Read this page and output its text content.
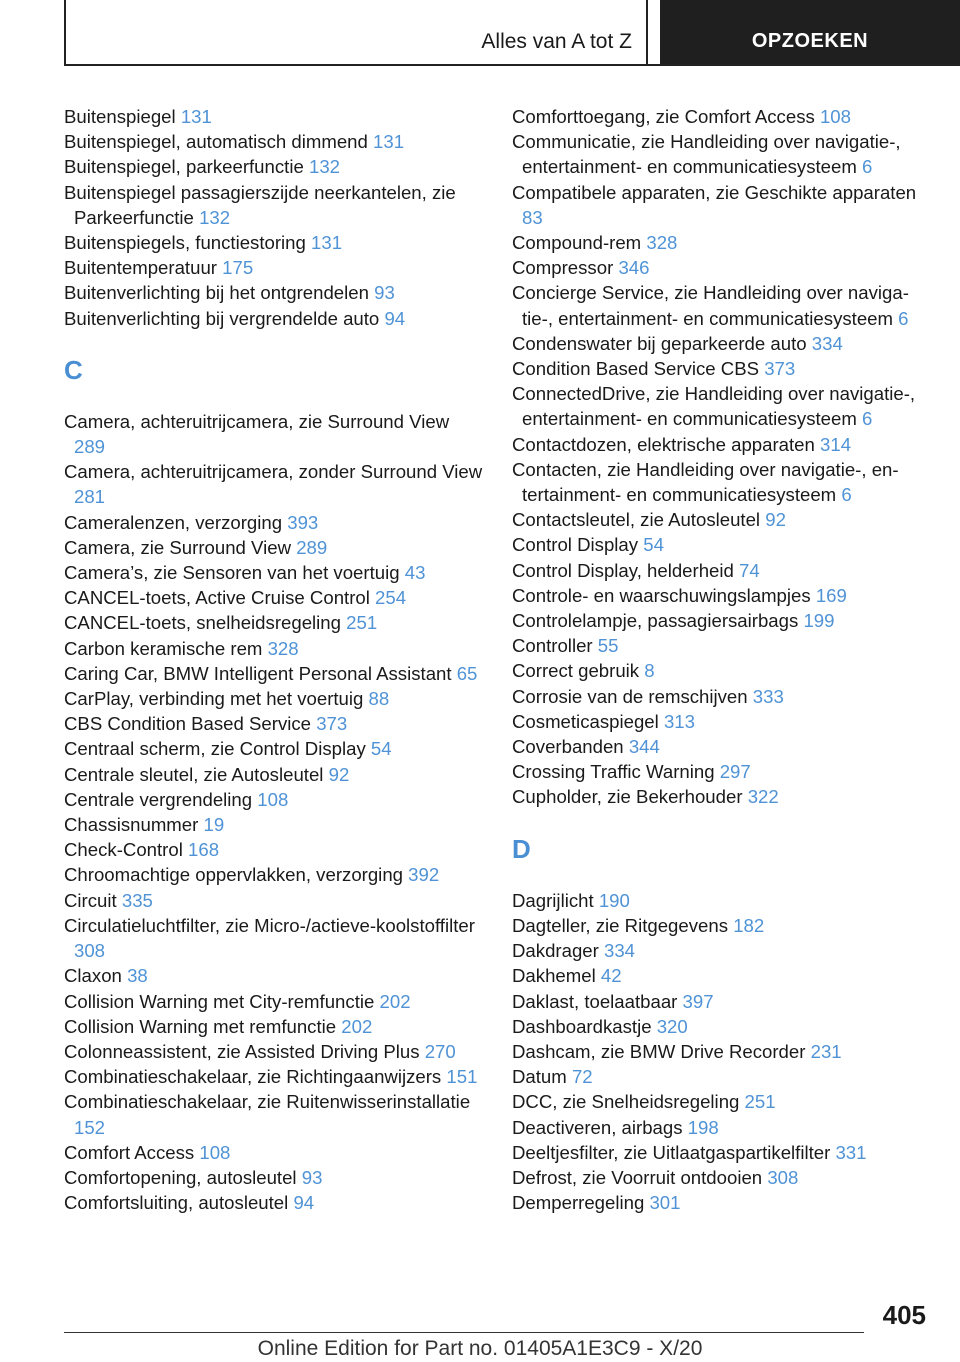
Alles van A tot Z	OPZOEKEN
Buitenspiegel 131
Buitenspiegel, automatisch dimmend 131
Buitenspiegel, parkeerfunctie 132
Buitenspiegel passagierszijde neerkantelen, zie Parkeerfunctie 132
Buitenspiegels, functiestoring 131
Buitentemperatuur 175
Buitenverlichting bij het ontgrendelen 93
Buitenverlichting bij vergrendelde auto 94
C
Camera, achteruitrijcamera, zie Surround View 289
Camera, achteruitrijcamera, zonder Surround View 281
Cameralenzen, verzorging 393
Camera, zie Surround View 289
Camera’s, zie Sensoren van het voertuig 43
CANCEL-toets, Active Cruise Control 254
CANCEL-toets, snelheidsregeling 251
Carbon keramische rem 328
Caring Car, BMW Intelligent Personal Assistant 65
CarPlay, verbinding met het voertuig 88
CBS Condition Based Service 373
Centraal scherm, zie Control Display 54
Centrale sleutel, zie Autosleutel 92
Centrale vergrendeling 108
Chassisnummer 19
Check-Control 168
Chroomachtige oppervlakken, verzorging 392
Circuit 335
Circulatieluchtfilter, zie Micro-/actieve-koolstoffilter 308
Claxon 38
Collision Warning met City-remfunctie 202
Collision Warning met remfunctie 202
Colonneassistent, zie Assisted Driving Plus 270
Combinatieschakelaar, zie Richtingaanwijzers 151
Combinatieschakelaar, zie Ruitenwisserinstallatie 152
Comfort Access 108
Comfortopening, autosleutel 93
Comfortsluiting, autosleutel 94
Comforttoegang, zie Comfort Access 108
Communicatie, zie Handleiding over navigatie-, entertainment- en communicatiesysteem 6
Compatibele apparaten, zie Geschikte apparaten 83
Compound-rem 328
Compressor 346
Concierge Service, zie Handleiding over navigatie-, entertainment- en communicatiesysteem 6
Condenswater bij geparkeerde auto 334
Condition Based Service CBS 373
ConnectedDrive, zie Handleiding over navigatie-, entertainment- en communicatiesysteem 6
Contactdozen, elektrische apparaten 314
Contacten, zie Handleiding over navigatie-, entertainment- en communicatiesysteem 6
Contactsleutel, zie Autosleutel 92
Control Display 54
Control Display, helderheid 74
Controle- en waarschuwingslampjes 169
Controlelampje, passagiersairbags 199
Controller 55
Correct gebruik 8
Corrosie van de remschijven 333
Cosmeticaspiegel 313
Coverbanden 344
Crossing Traffic Warning 297
Cupholder, zie Bekerhouder 322
D
Dagrijlicht 190
Dagteller, zie Ritgegevens 182
Dakdrager 334
Dakhemel 42
Daklast, toelaatbaar 397
Dashboardkastje 320
Dashcam, zie BMW Drive Recorder 231
Datum 72
DCC, zie Snelheidsregeling 251
Deactiveren, airbags 198
Deeltjesfilter, zie Uitlaatgaspartikelfilter 331
Defrost, zie Voorruit ontdooien 308
Demperregeling 301
405
Online Edition for Part no. 01405A1E3C9 - X/20
